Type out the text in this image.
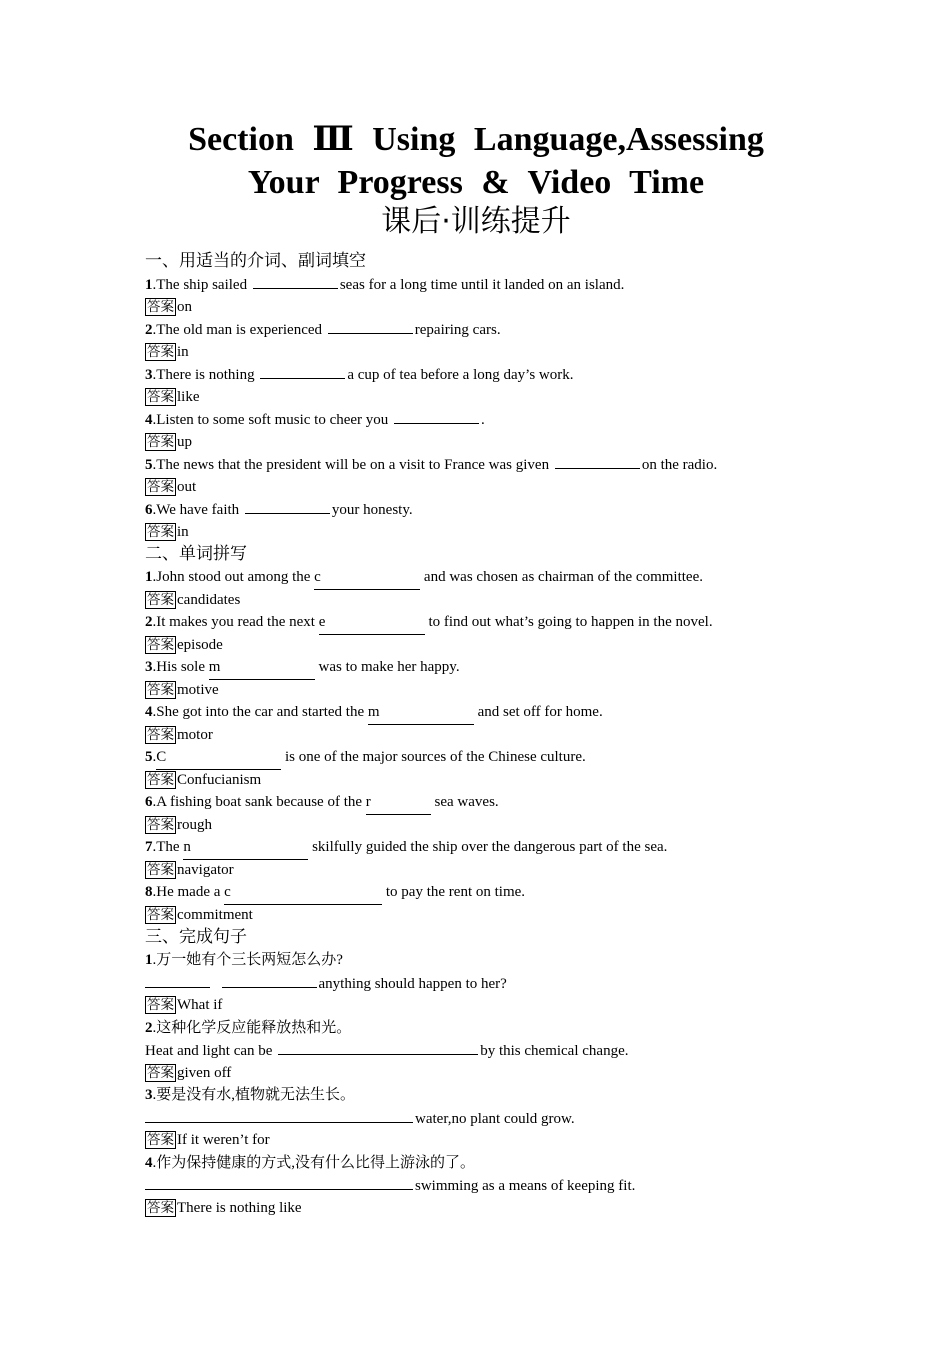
Section Ⅲ Using Language,Assessing
Your Progress & Video Time
课后·训练提升
一、用适当的介词、副词填空
1.The ship sailed	seas for a long time until it landed on an island.
答案 on
2.The old man is experienced	repairing cars.
答案 in
3.There is nothing	a cup of tea before a long day’s work.
答案 like
4.Listen to some soft music to cheer you	.
答案 up
5.The news that the president will be on a visit to France was given	on the radio.
答案 out
6.We have faith	your honesty.
答案 in
二、单词拼写
1.John stood out among the c	and was chosen as chairman of the committee.
答案 candidates
2.It makes you read the next e	to find out what’s going to happen in the novel.
答案 episode
3.His sole m	was to make her happy.
答案 motive
4.She got into the car and started the m	and set off for home.
答案 motor
5.C	is one of the major sources of the Chinese culture.
答案 Confucianism
6.A fishing boat sank because of the r	sea waves.
答案 rough
7.The n	skilfully guided the ship over the dangerous part of the sea.
答案 navigator
8.He made a c	to pay the rent on time.
答案 commitment
三、完成句子
1.万一她有个三长两短怎么办?
anything should happen to her?
答案 What if
2.这种化学反应能释放热和光。
Heat and light can be	by this chemical change.
答案 given off
3.要是没有水,植物就无法生长。
water,no plant could grow.
答案 If it weren’t for
4.作为保持健康的方式,没有什么比得上游泳的了。
swimming as a means of keeping fit.
答案 There is nothing like
